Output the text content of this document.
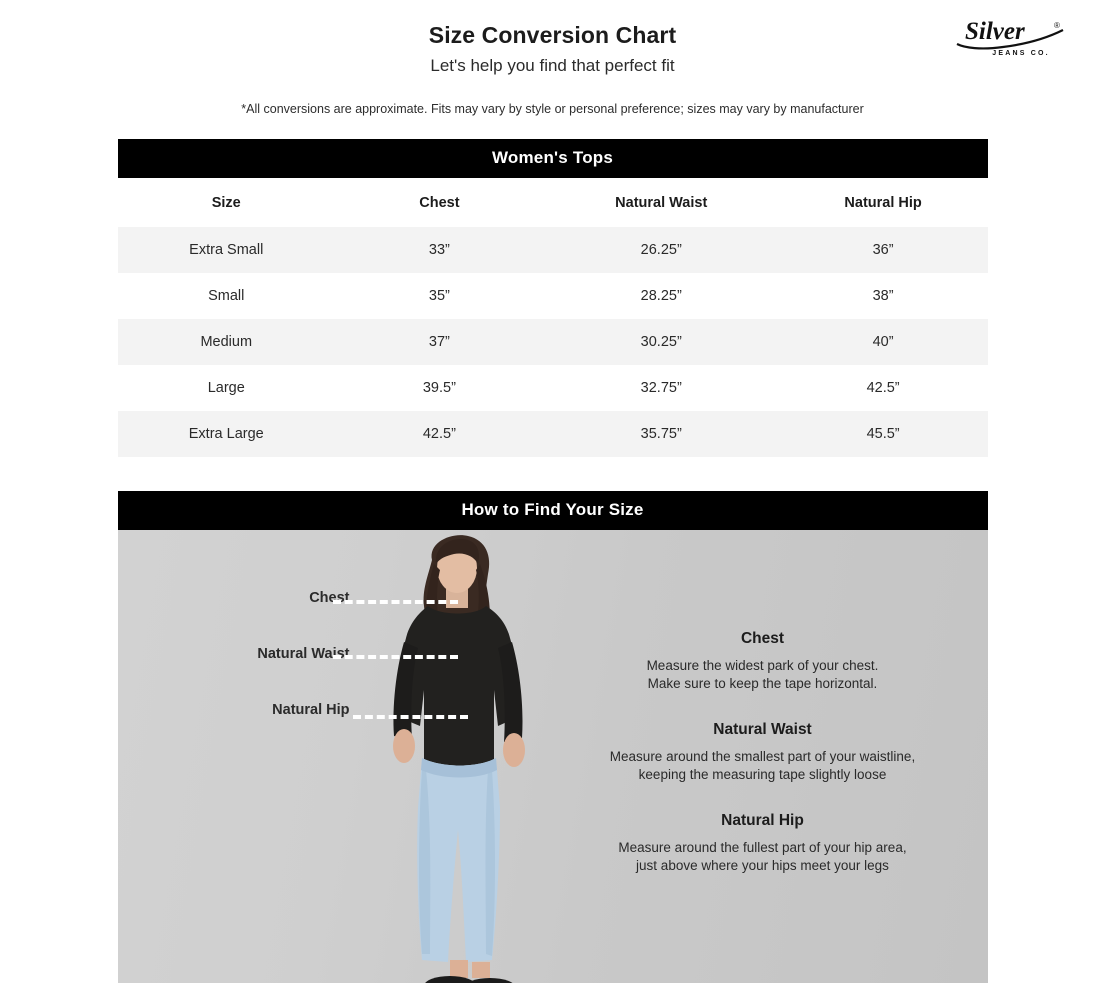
Size Conversion Chart

Let's help you find that perfect fit

*All conversions are approximate. Fits may vary by style or personal preference; sizes may vary by manufacturer

Silver	®
JEANS CO.
Women's Tops
Size	Chest	Natural Waist	Natural Hip
Extra Small	33”	26.25”	36”
Small	35”	28.25”	38”
Medium	37”	30.25”	40”
Large	39.5”	32.75”	42.5”
Extra Large	42.5”	35.75”	45.5”
How to Find Your Size
Chest
Natural Waist
Natural Hip
Chest

Measure the widest park of your chest.
Make sure to keep the tape horizontal.

Natural Waist

Measure around the smallest part of your waistline,
keeping the measuring tape slightly loose

Natural Hip

Measure around the fullest part of your hip area,
just above where your hips meet your legs
